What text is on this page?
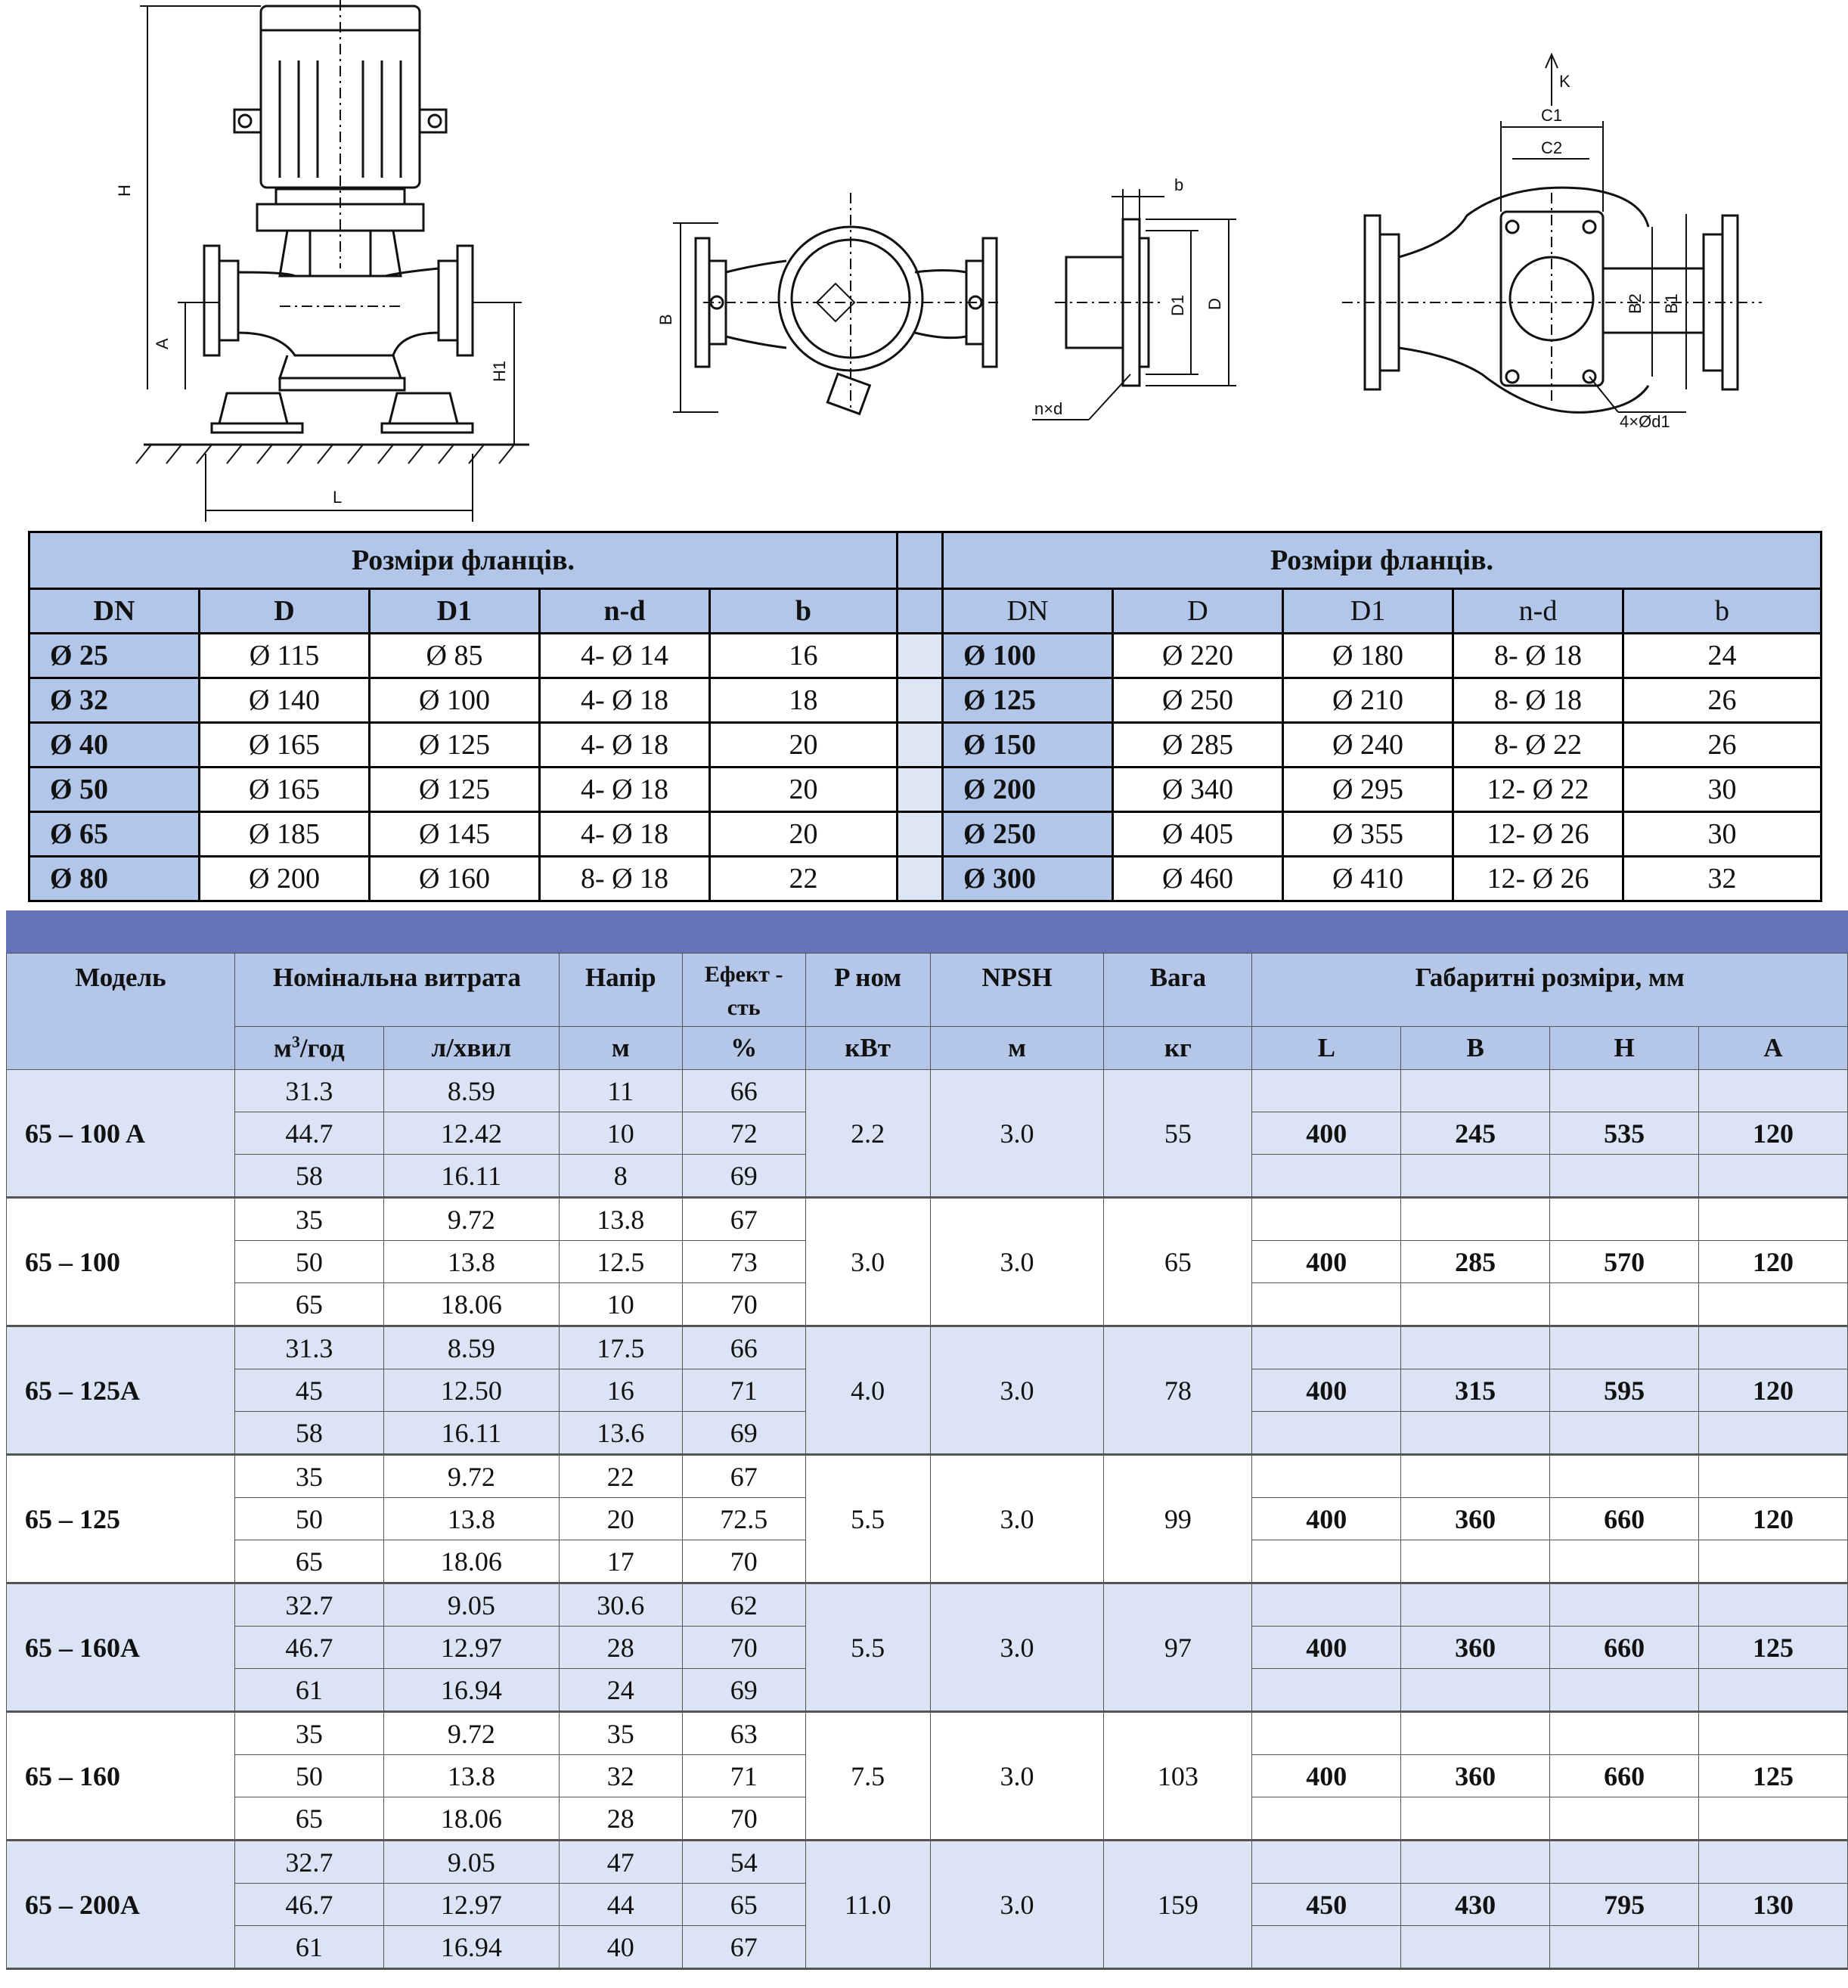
H
A
H1
L
B
b
D1 D
n×d
K
C1
C2
B2 B1
4×Ød1
Розміри фланців.						Розміри фланців.				
DN	D	D1	n-d	b		DN	D	D1	n-d	b
Ø 25	Ø 115	Ø 85	4- Ø 14	16		Ø 100	Ø 220	Ø 180	8- Ø 18	24
Ø 32	Ø 140	Ø 100	4- Ø 18	18		Ø 125	Ø 250	Ø 210	8- Ø 18	26
Ø 40	Ø 165	Ø 125	4- Ø 18	20		Ø 150	Ø 285	Ø 240	8- Ø 22	26
Ø 50	Ø 165	Ø 125	4- Ø 18	20		Ø 200	Ø 340	Ø 295	12- Ø 22	30
Ø 65	Ø 185	Ø 145	4- Ø 18	20		Ø 250	Ø 405	Ø 355	12- Ø 26	30
Ø 80	Ø 200	Ø 160	8- Ø 18	22		Ø 300	Ø 460	Ø 410	12- Ø 26	32
Модель	Номінальна витрата		Напір	Ефект -
сть	P ном	NPSH	Вага	Габаритні розміри, мм			
	$м^3$/год	л/хвил	м	%	кВт	м	кг	L	B	H	A
65 – 100 A	31.3	8.59	11	66	2.2	3.0	55				
	44.7	12.42	10	72				400	245	535	120
	58	16.11	8	69							
65 – 100	35	9.72	13.8	67	3.0	3.0	65				
	50	13.8	12.5	73				400	285	570	120
	65	18.06	10	70							
65 – 125A	31.3	8.59	17.5	66	4.0	3.0	78				
	45	12.50	16	71				400	315	595	120
	58	16.11	13.6	69							
65 – 125	35	9.72	22	67	5.5	3.0	99				
	50	13.8	20	72.5				400	360	660	120
	65	18.06	17	70							
65 – 160A	32.7	9.05	30.6	62	5.5	3.0	97				
	46.7	12.97	28	70				400	360	660	125
	61	16.94	24	69							
65 – 160	35	9.72	35	63	7.5	3.0	103				
	50	13.8	32	71				400	360	660	125
	65	18.06	28	70							
65 – 200A	32.7	9.05	47	54	11.0	3.0	159				
	46.7	12.97	44	65				450	430	795	130
	61	16.94	40	67							
